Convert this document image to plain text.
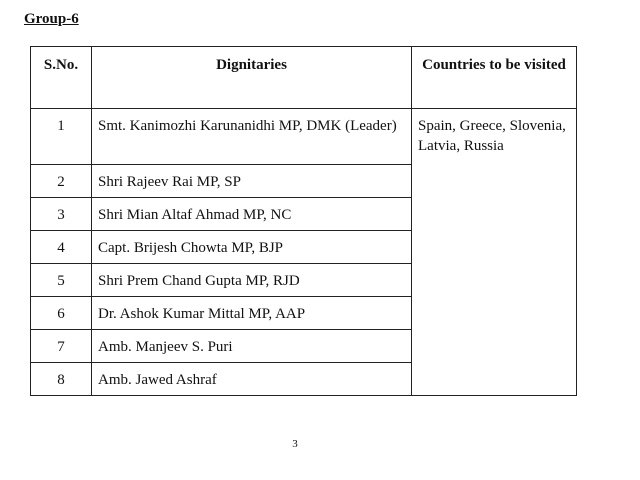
Group-6
S.No.	Dignitaries	Countries to be visited
1	Smt. Kanimozhi Karunanidhi MP, DMK (Leader)	Spain, Greece, Slovenia, Latvia, Russia
2	Shri Rajeev Rai MP, SP	
3	Shri Mian Altaf Ahmad MP, NC	
4	Capt. Brijesh Chowta MP, BJP	
5	Shri Prem Chand Gupta MP, RJD	
6	Dr. Ashok Kumar Mittal MP, AAP	
7	Amb. Manjeev S. Puri	
8	Amb. Jawed Ashraf	
3
